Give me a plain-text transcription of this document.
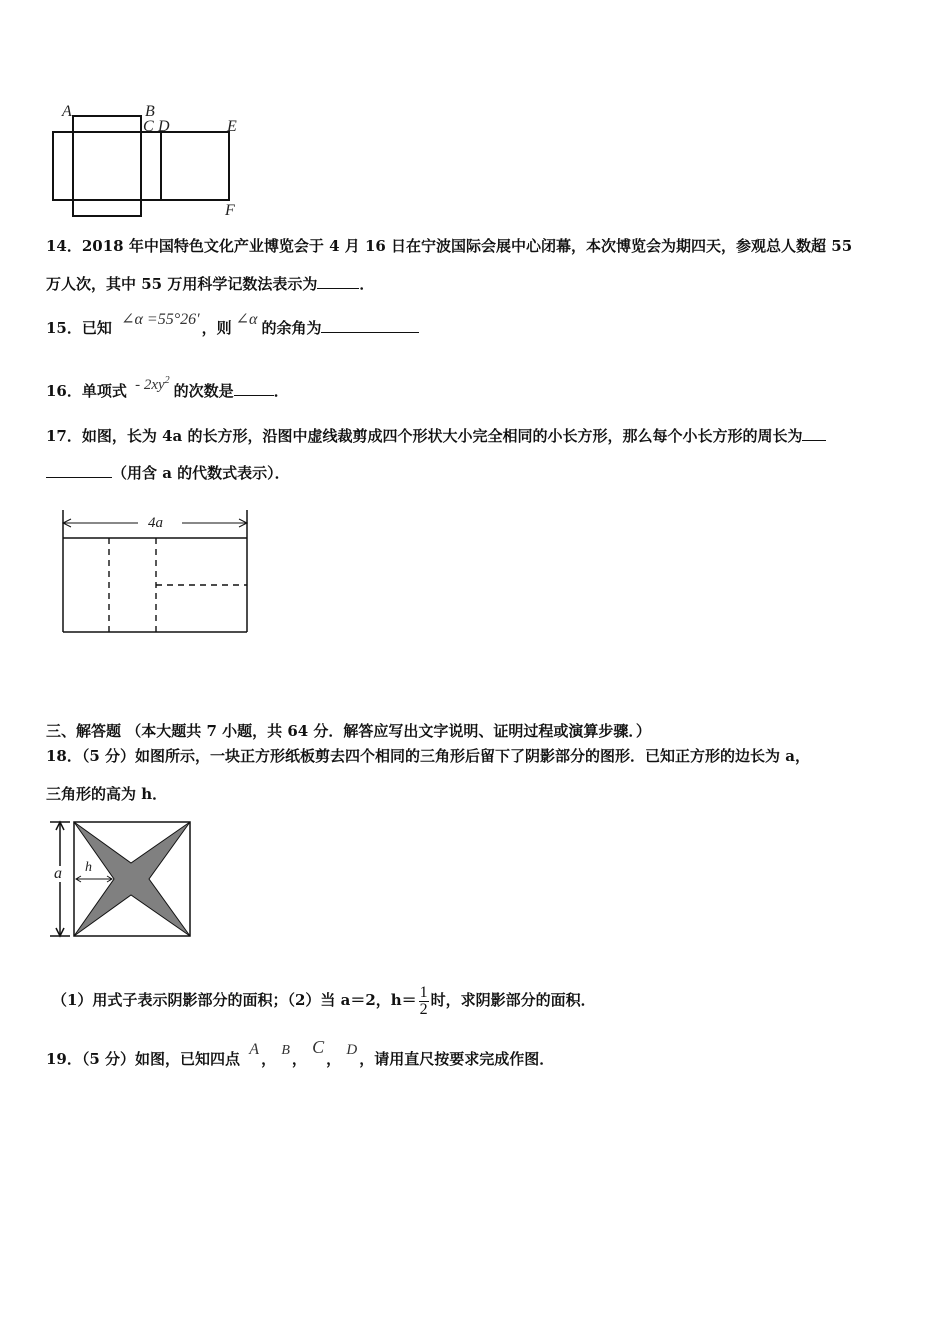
A	B
C D	E
F
14．2018 年中国特色文化产业博览会于 4 月 16 日在宁波国际会展中心闭幕，本次博览会为期四天，参观总人数超 55
万人次，其中 55 万用科学记数法表示为	．
15．已知 ∠α =55°26′ ，则 ∠α 的余角为
16．单项式 - $2xy^2$的次数是	．
17．如图，长为 4a 的长方形，沿图中虚线裁剪成四个形状大小完全相同的小长方形，那么每个小长方形的周长为
（用含 a 的代数式表示）．
4a
三、解答题 （本大题共 7 小题，共 64 分．解答应写出文字说明、证明过程或演算步骤．）
18．（5 分）如图所示，一块正方形纸板剪去四个相同的三角形后留下了阴影部分的图形．已知正方形的边长为 a，
三角形的高为 h．
a h
（1）用式子表示阴影部分的面积；（2）当 a＝2，$h= \frac{1}{2}$ 时，求阴影部分的面积．
19．（5 分）如图，已知四点 A， B ， C， D ，请用直尺按要求完成作图．
